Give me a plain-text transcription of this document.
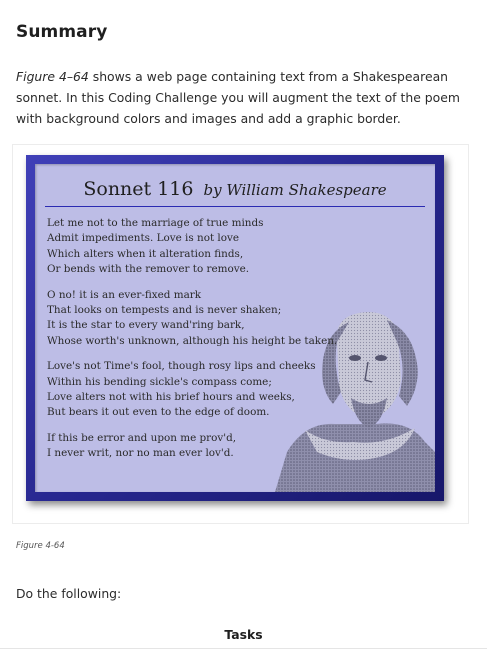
Summary
Figure 4–64 shows a web page containing text from a Shakespearean sonnet. In this Coding Challenge you will augment the text of the poem with background colors and images and add a graphic border.
Sonnet 116 by William Shakespeare
Let me not to the marriage of true minds
Admit impediments. Love is not love
Which alters when it alteration finds,
Or bends with the remover to remove.
O no! it is an ever-fixed mark
That looks on tempests and is never shaken;
It is the star to every wand'ring bark,
Whose worth's unknown, although his height be taken.
Love's not Time's fool, though rosy lips and cheeks
Within his bending sickle's compass come;
Love alters not with his brief hours and weeks,
But bears it out even to the edge of doom.
If this be error and upon me prov'd,
I never writ, nor no man ever lov'd.
Figure 4-64
Do the following:
Tasks
